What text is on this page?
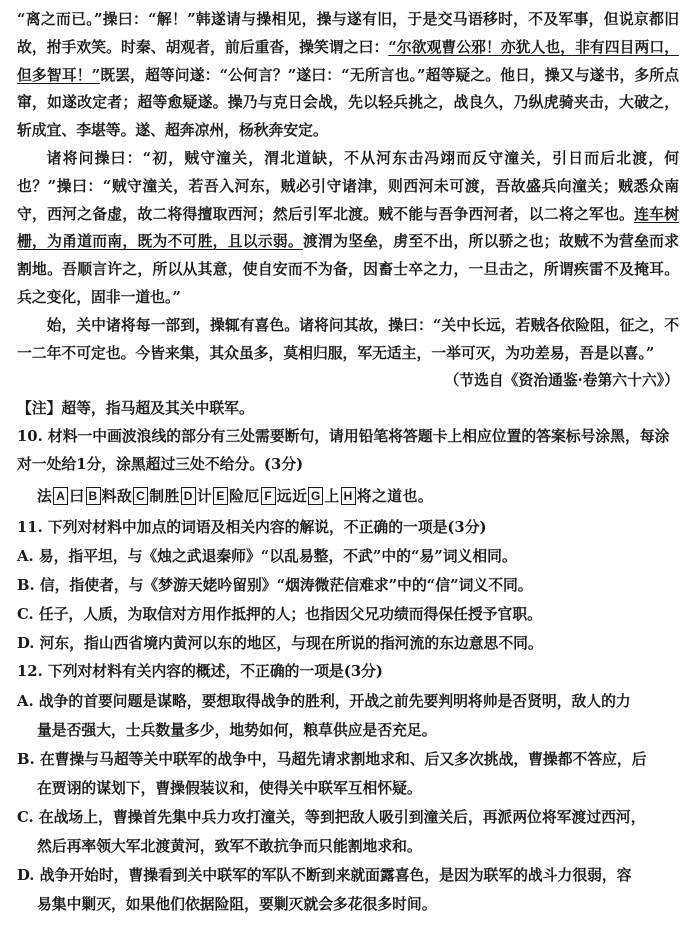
“离之而已。”操曰：“解！”韩遂请与操相见，操与遂有旧，于是交马语移时，不及军事，但说京都旧故，拊手欢笑。时秦、胡观者，前后重沓，操笑谓之曰：“尔欲观曹公邪！亦犹人也，非有四目两口，但多智耳！”既罢，超等问遂：“公何言？”遂曰：“无所言也。”超等疑之。他日，操又与遂书，多所点窜，如遂改定者；超等愈疑遂。操乃与克日会战，先以轻兵挑之，战良久，乃纵虎骑夹击，大破之，斩成宜、李堪等。遂、超奔凉州，杨秋奔安定。

诸将问操曰：“初，贼守潼关，渭北道缺，不从河东击冯翊而反守潼关，引日而后北渡，何也？”操曰：“贼守潼关，若吾入河东，贼必引守诸津，则西河未可渡，吾故盛兵向潼关；贼悉众南守，西河之备虚，故二将得擅取西河；然后引军北渡。贼不能与吾争西河者，以二将之军也。连车树栅，为甬道而南，既为不可胜，且以示弱。渡渭为坚垒，虏至不出，所以骄之也；故贼不为营垒而求割地。吾顺言许之，所以从其意，使自安而不为备，因畜士卒之力，一旦击之，所谓疾雷不及掩耳。兵之变化，固非一道也。”

始，关中诸将每一部到，操辄有喜色。诸将问其故，操曰：“关中长远，若贼各依险阻，征之，不一二年不可定也。今皆来集，其众虽多，莫相归服，军无适主，一举可灭，为功差易，吾是以喜。”

（节选自《资治通鉴·卷第六十六》）

【注】超等，指马超及其关中联军。

10. 材料一中画波浪线的部分有三处需要断句，请用铅笔将答题卡上相应位置的答案标号涂黑，每涂对一处给1分，涂黑超过三处不给分。(3分)

法 A 曰 B 料敌 C 制胜 D 计 E 险厄 F 远近 G 上 H 将之道也。

11. 下列对材料中加点的词语及相关内容的解说，不正确的一项是(3分)

A. 易，指平坦，与《烛之武退秦师》“以乱易整，不武”中的“易”词义相同。

B. 信，指使者，与《梦游天姥吟留别》“烟涛微茫信难求”中的“信”词义不同。

C. 任子，人质，为取信对方用作抵押的人；也指因父兄功绩而得保任授予官职。

D. 河东，指山西省境内黄河以东的地区，与现在所说的指河流的东边意思不同。

12. 下列对材料有关内容的概述，不正确的一项是(3分)

A. 战争的首要问题是谋略，要想取得战争的胜利，开战之前先要判明将帅是否贤明，敌人的力

量是否强大，士兵数量多少，地势如何，粮草供应是否充足。

B. 在曹操与马超等关中联军的战争中，马超先请求割地求和、后又多次挑战，曹操都不答应，后

在贾诩的谋划下，曹操假装议和，使得关中联军互相怀疑。

C. 在战场上，曹操首先集中兵力攻打潼关，等到把敌人吸引到潼关后，再派两位将军渡过西河，

然后再率领大军北渡黄河，致军不敢抗争而只能割地求和。

D. 战争开始时，曹操看到关中联军的军队不断到来就面露喜色，是因为联军的战斗力很弱，容

易集中剿灭，如果他们依据险阻，要剿灭就会多花很多时间。
